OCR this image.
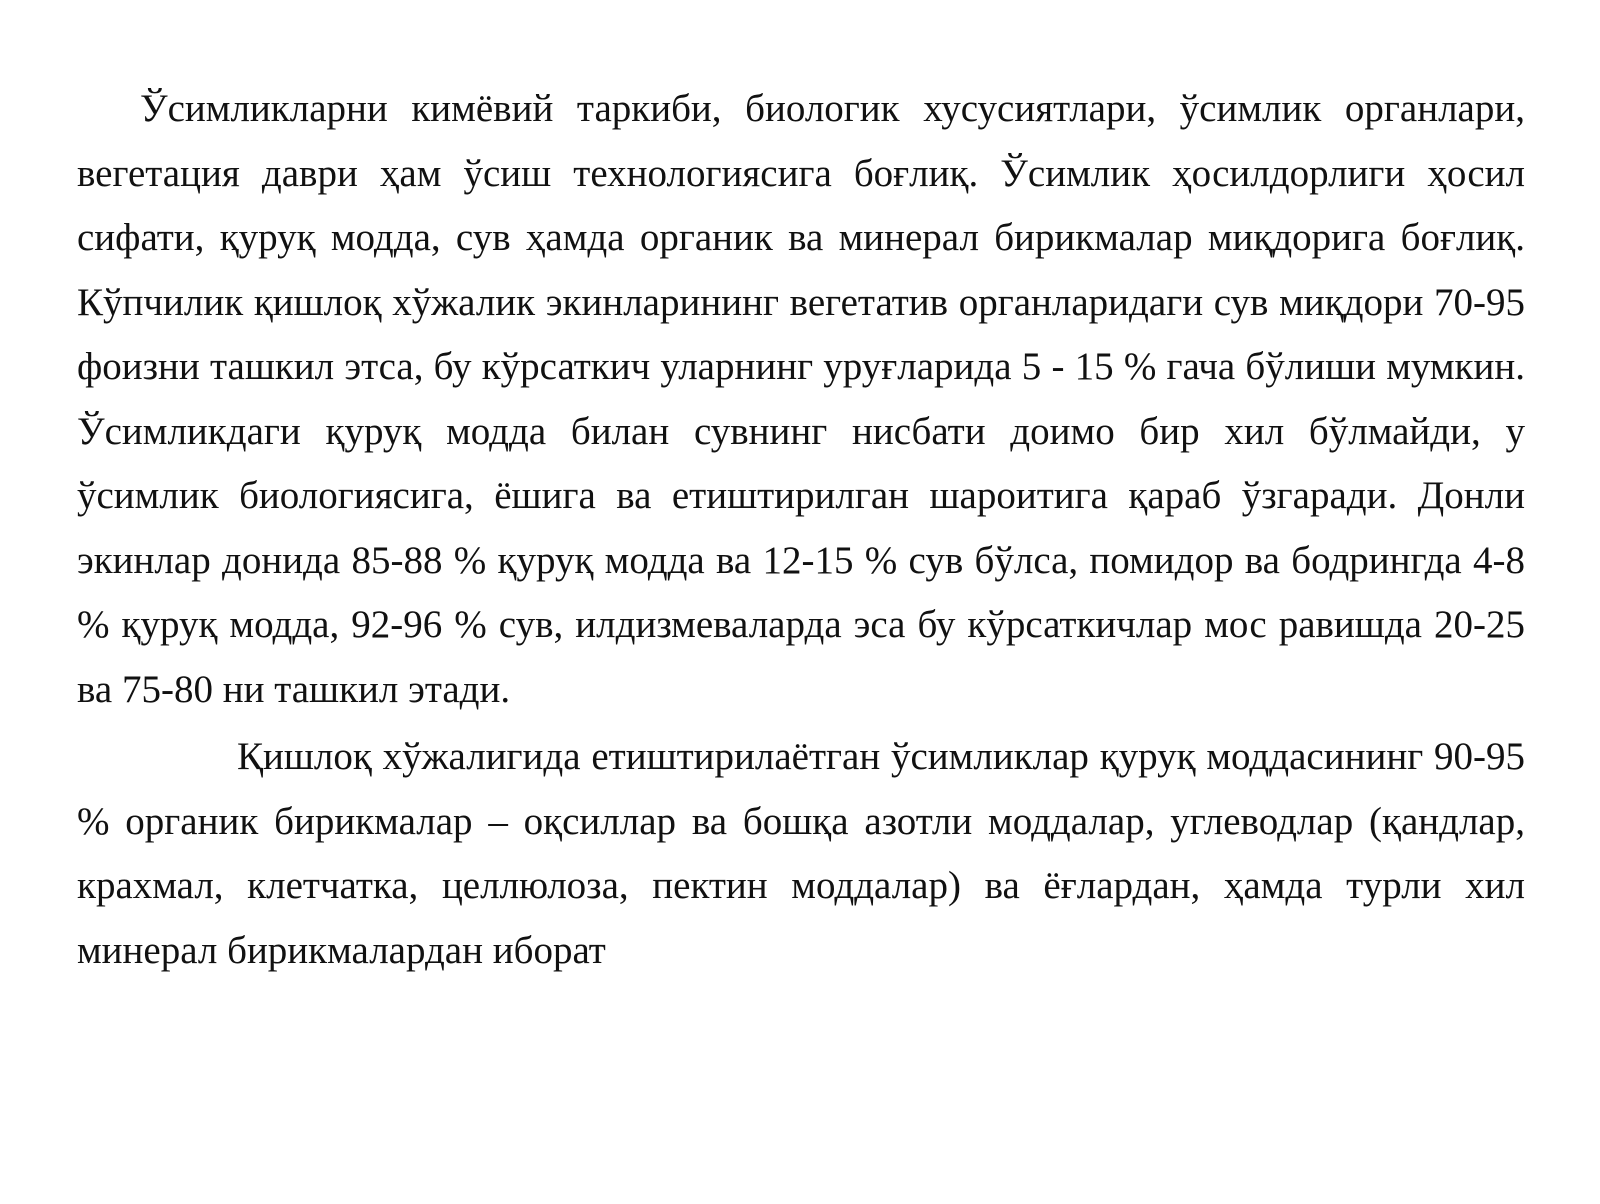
Ўсимликларни кимёвий таркиби, биологик хусусиятлари, ўсимлик органлари, вегетация даври ҳам ўсиш технологиясига боғлиқ. Ўсимлик ҳосилдорлиги ҳосил сифати, қуруқ модда, сув ҳамда органик ва минерал бирикмалар миқдорига боғлиқ. Кўпчилик қишлоқ хўжалик экинларининг вегетатив органларидаги сув миқдори 70-95 фоизни ташкил этса, бу кўрсаткич уларнинг уруғларида 5 - 15 % гача бўлиши мумкин. Ўсимликдаги қуруқ модда билан сувнинг нисбати доимо бир хил бўлмайди, у ўсимлик биологиясига, ёшига ва етиштирилган шароитига қараб ўзгаради. Донли экинлар донида 85-88 % қуруқ модда ва 12-15 % сув бўлса, помидор ва бодрингда 4-8 % қуруқ модда, 92-96 % сув, илдизмеваларда эса бу кўрсаткичлар мос равишда 20-25 ва 75-80 ни ташкил этади.

Қишлоқ хўжалигида етиштирилаётган ўсимликлар қуруқ моддасининг 90-95 % органик бирикмалар – оқсиллар ва бошқа азотли моддалар, углеводлар (қандлар, крахмал, клетчатка, целлюлоза, пектин моддалар) ва ёғлардан, ҳамда турли хил минерал бирикмалардан иборат
